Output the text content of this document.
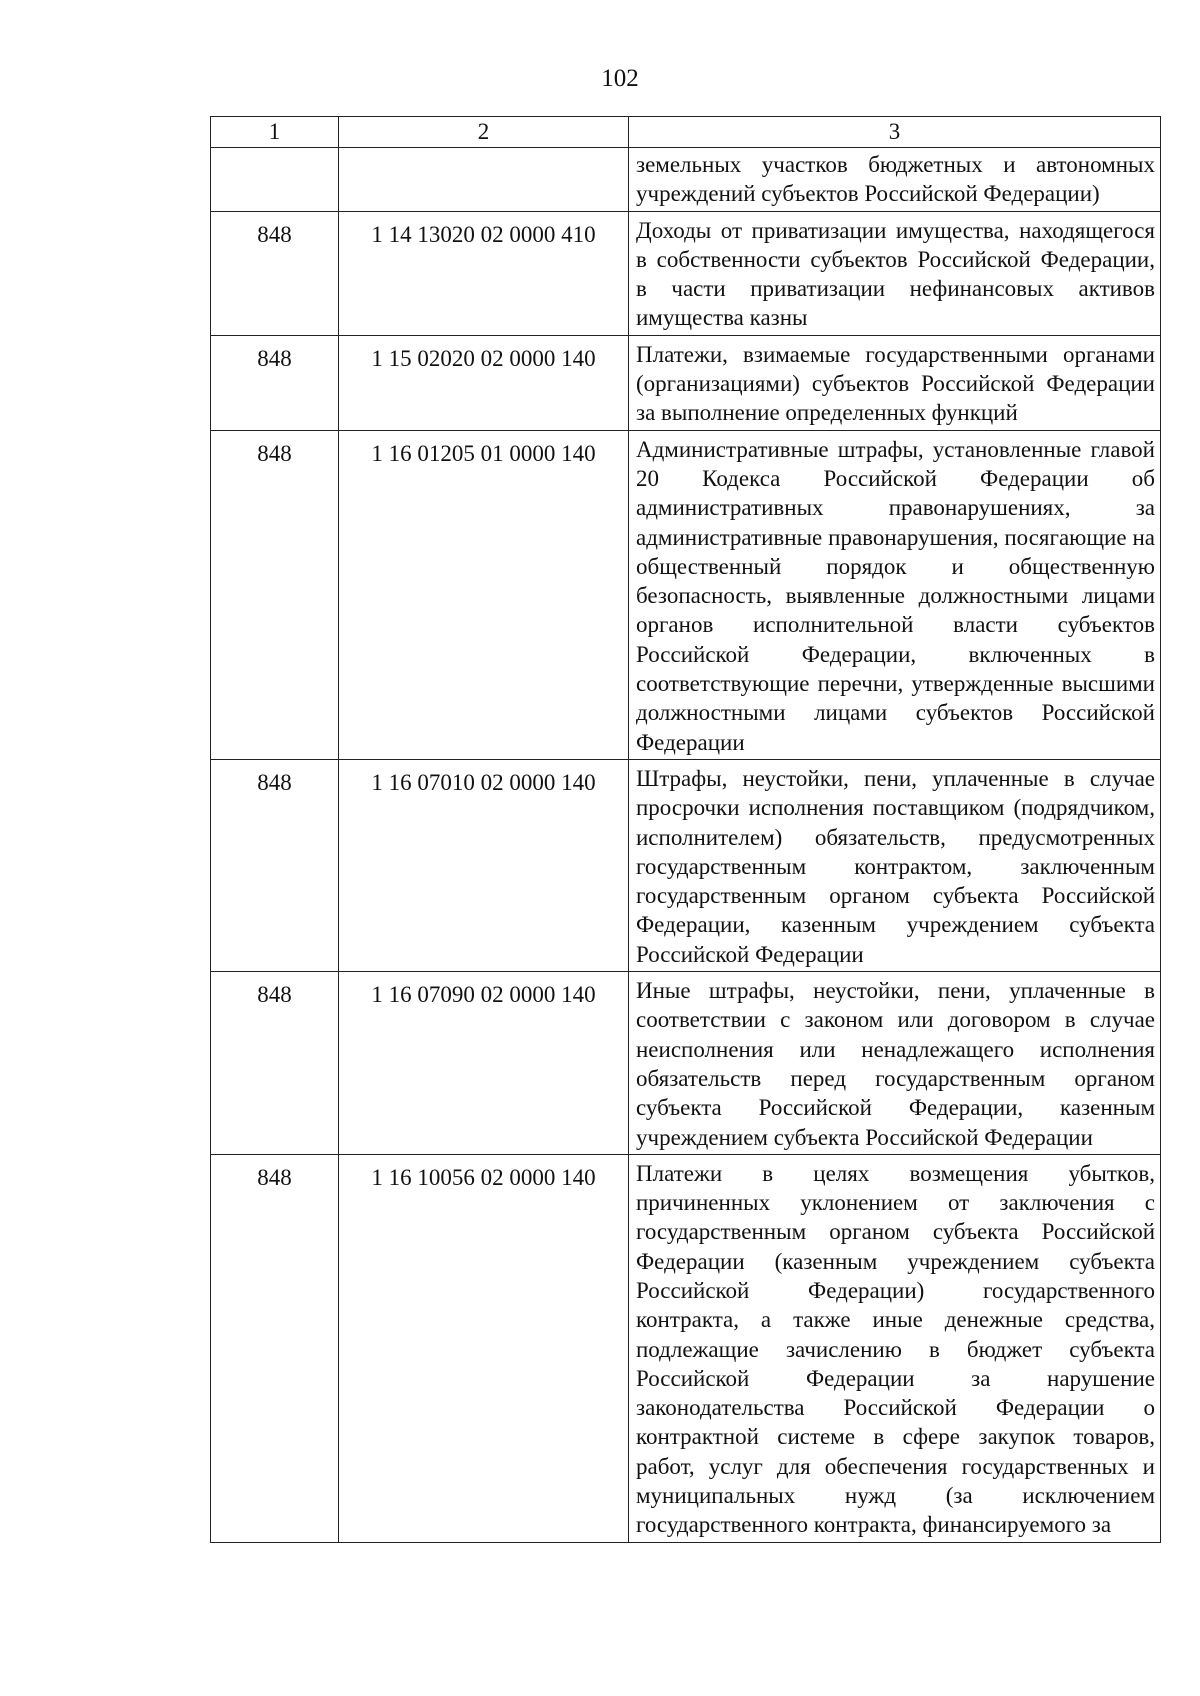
102
1	2	3
		земельных участков бюджетных и автономных учреждений субъектов Российской Федерации)
848	1 14 13020 02 0000 410	Доходы от приватизации имущества, находящегося в собственности субъектов Российской Федерации, в части приватизации нефинансовых активов имущества казны
848	1 15 02020 02 0000 140	Платежи, взимаемые государственными органами (организациями) субъектов Российской Федерации за выполнение определенных функций
848	1 16 01205 01 0000 140	Административные штрафы, установленные главой 20 Кодекса Российской Федерации об административных правонарушениях, за административные правонарушения, посягающие на общественный порядок и общественную безопасность, выявленные должностными лицами органов исполнительной власти субъектов Российской Федерации, включенных в соответствующие перечни, утвержденные высшими должностными лицами субъектов Российской Федерации
848	1 16 07010 02 0000 140	Штрафы, неустойки, пени, уплаченные в случае просрочки исполнения поставщиком (подрядчиком, исполнителем) обязательств, предусмотренных государственным контрактом, заключенным государственным органом субъекта Российской Федерации, казенным учреждением субъекта Российской Федерации
848	1 16 07090 02 0000 140	Иные штрафы, неустойки, пени, уплаченные в соответствии с законом или договором в случае неисполнения или ненадлежащего исполнения обязательств перед государственным органом субъекта Российской Федерации, казенным учреждением субъекта Российской Федерации
848	1 16 10056 02 0000 140	Платежи в целях возмещения убытков, причиненных уклонением от заключения с государственным органом субъекта Российской Федерации (казенным учреждением субъекта Российской Федерации) государственного контракта, а также иные денежные средства, подлежащие зачислению в бюджет субъекта Российской Федерации за нарушение законодательства Российской Федерации о контрактной системе в сфере закупок товаров, работ, услуг для обеспечения государственных и муниципальных нужд (за исключением государственного контракта, финансируемого за
